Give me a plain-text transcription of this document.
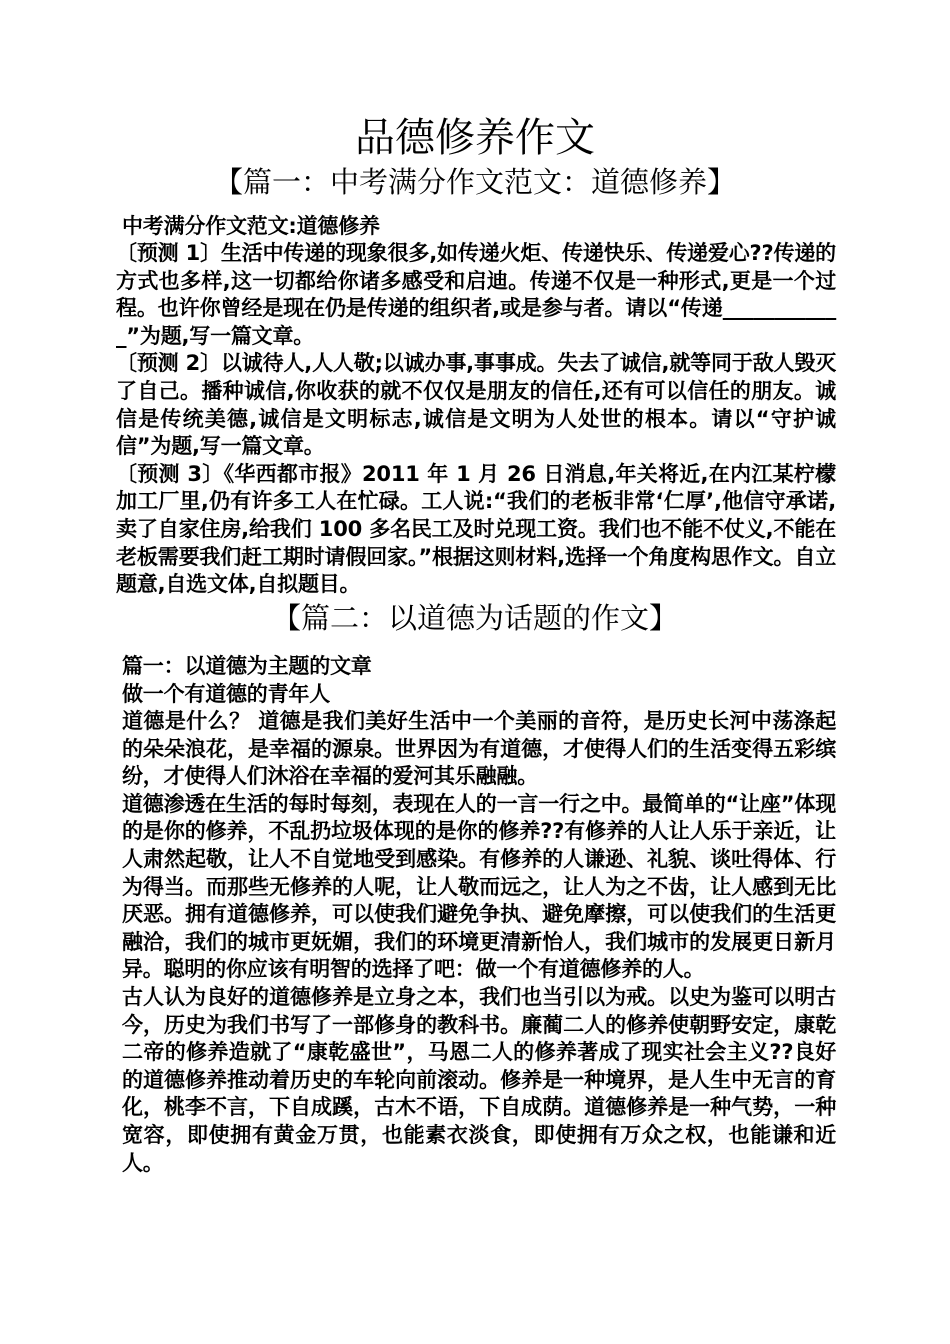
品德修养作文
【篇一：中考满分作文范文：道德修养】

中考满分作文范文:道德修养

〔预测 1〕生活中传递的现象很多,如传递火炬、传递快乐、传递爱心??传递的方式也多样,这一切都给你诸多感受和启迪。传递不仅是一种形式,更是一个过程。也许你曾经是现在仍是传递的组织者,或是参与者。请以“传递____________”为题,写一篇文章。

〔预测 2〕以诚待人,人人敬;以诚办事,事事成。失去了诚信,就等同于敌人毁灭了自己。播种诚信,你收获的就不仅仅是朋友的信任,还有可以信任的朋友。诚信是传统美德,诚信是文明标志,诚信是文明为人处世的根本。请以“守护诚信”为题,写一篇文章。

〔预测 3〕《华西都市报》2011 年 1 月 26 日消息,年关将近,在内江某柠檬加工厂里,仍有许多工人在忙碌。工人说:“我们的老板非常‘仁厚’,他信守承诺,卖了自家住房,给我们 100 多名民工及时兑现工资。我们也不能不仗义,不能在老板需要我们赶工期时请假回家。”根据这则材料,选择一个角度构思作文。自立题意,自选文体,自拟题目。

【篇二：以道德为话题的作文】

篇一：以道德为主题的文章

做一个有道德的青年人

道德是什么？ 道德是我们美好生活中一个美丽的音符，是历史长河中荡涤起的朵朵浪花，是幸福的源泉。世界因为有道德，才使得人们的生活变得五彩缤纷，才使得人们沐浴在幸福的爱河其乐融融。

道德渗透在生活的每时每刻，表现在人的一言一行之中。最简单的“让座”体现的是你的修养，不乱扔垃圾体现的是你的修养??有修养的人让人乐于亲近，让人肃然起敬，让人不自觉地受到感染。有修养的人谦逊、礼貌、谈吐得体、行为得当。而那些无修养的人呢，让人敬而远之，让人为之不齿，让人感到无比厌恶。拥有道德修养，可以使我们避免争执、避免摩擦，可以使我们的生活更融洽，我们的城市更妩媚，我们的环境更清新怡人，我们城市的发展更日新月异。聪明的你应该有明智的选择了吧：做一个有道德修养的人。

古人认为良好的道德修养是立身之本，我们也当引以为戒。以史为鉴可以明古今，历史为我们书写了一部修身的教科书。廉蔺二人的修养使朝野安定，康乾二帝的修养造就了“康乾盛世”，马恩二人的修养著成了现实社会主义??良好的道德修养推动着历史的车轮向前滚动。修养是一种境界，是人生中无言的育化，桃李不言，下自成蹊，古木不语，下自成荫。道德修养是一种气势，一种宽容，即使拥有黄金万贯，也能素衣淡食，即使拥有万众之权，也能谦和近人。
